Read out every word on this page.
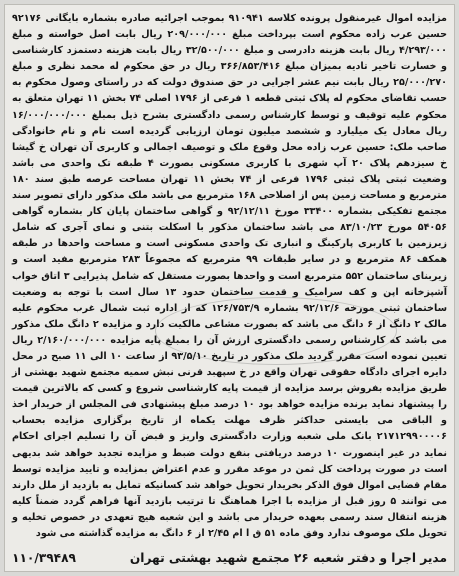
مزایده اموال غیرمنقول پرونده کلاسه ۹۱۰۹۴۱ بموجب اجرائیه صادره بشماره بایگانی ۹۲۱۷۶ حسین عرب زاده محکوم است بپرداخت مبلغ ۲۰۹/۰۰۰/۰۰۰ ریال بابت اصل خواسته و مبلغ ۴/۲۹۳/۰۰۰ ریال بابت هزینه دادرسی و مبلغ ۳۲/۵۰۰/۰۰۰ ریال بابت هزینه دستمزد کارشناسی و خسارت تاخیر تادیه بمیزان مبلغ ۳۶۶/۸۵۳/۴۱۶ ریال در حق محکوم له محمد نظری و مبلغ ۲۵/۰۰۰/۲۷۰ ریال بابت نیم عشر اجرایی در حق صندوق دولت که در راستای وصول محکوم به حسب تقاضای محکوم له پلاک ثبتی قطعه ۱ فرعی از ۱۷۹۶ اصلی ۷۴ بخش ۱۱ تهران متعلق به محکوم علیه توقیف و توسط کارشناس رسمی دادگستری بشرح ذیل بمبلغ ۱۶/۰۰۰/۰۰۰/۰۰۰ ریال معادل یک میلیارد و ششصد میلیون تومان ارزیابی گردیده است نام و نام خانوادگی صاحب ملک: حسین عرب زاده محل وقوع ملک و توصیف اجمالی و کاربری آن تهران خ گیشا خ سیزدهم پلاک ۲۰ آپ شهری با کاربری مسکونی بصورت ۴ طبقه تک واحدی می باشد وضعیت ثبتی پلاک ثبتی ۱۷۹۶ فرعی از ۷۴ بخش ۱۱ تهران مساحت عرصه طبق سند ۱۸۰ مترمربع و مساحت زمین پس از اصلاحی ۱۶۸ مترمربع می باشد ملک مذکور دارای تصویر سند مجتمع تفکیکی بشماره ۳۳۴۰۰ مورخ ۹۲/۱۲/۱۱ و گواهی ساختمان پایان کار بشماره گواهی ۵۴۰۵۶ مورخ ۸۳/۱۰/۲۳ می باشد ساختمان مذکور با اسکلت بتنی و نمای آجری که شامل زیرزمین با کاربری پارکینگ و انباری تک واحدی مسکونی است و مساحت واحدها در طبقه همکف ۸۶ مترمربع و در سایر طبقات ۹۹ مترمربع که مجموعاً ۲۸۳ مترمربع مفید است و زیربنای ساختمان ۵۵۲ مترمربع است و واحدها بصورت مستقل که شامل پذیرایی ۳ اتاق خواب آشپزخانه اپن و کف سرامیک و قدمت ساختمان حدود ۱۳ سال است با توجه به وضعیت ساختمان ثبتی مورخه ۹۲/۱۲/۶ بشماره ۱۲۶/۷۵۳/۹ که از اداره ثبت شمال غرب محکوم علیه مالک ۲ دانگ از ۶ دانگ می باشد که بصورت مشاعی مالکیت دارد و مزایده ۲ دانگ ملک مذکور می باشد که کارشناس رسمی دادگستری ارزش آن را بمبلغ پایه مزایده ۲/۱۶۰/۰۰۰/۰۰۰ ریال تعیین نموده است مقرر گردید ملک مذکور در تاریخ ۹۳/۵/۱۰ از ساعت ۱۰ الی ۱۱ صبح در محل دایره اجرای دادگاه حقوقی تهران واقع در خ سپهبد قرنی نبش سمیه مجتمع شهید بهشتی از طریق مزایده بفروش برسد مزایده از قیمت پایه کارشناسی شروع و کسی که بالاترین قیمت را پیشنهاد نماید برنده مزایده خواهد بود ۱۰ درصد مبلغ پیشنهادی فی المجلس از خریدار اخذ و الباقی می بایستی حداکثر ظرف مهلت یکماه از تاریخ برگزاری مزایده بحساب ۲۱۷۱۲۹۹۰۰۰۰۶ بانک ملی شعبه وزارت دادگستری واریز و قبض آن را تسلیم اجرای احکام نماید در غیر اینصورت ۱۰ درصد دریافتی بنفع دولت ضبط و مزایده تجدید خواهد شد بدیهی است در صورت پرداخت کل ثمن در موعد مقرر و عدم اعتراض بمزایده و تایید مزایده توسط مقام قضایی اموال فوق الذکر بخریدار تحویل خواهد شد کسانیکه تمایل به بازدید از ملل دارند می توانند ۵ روز قبل از مزایده با اجرا هماهنگ تا ترتیب بازدید آنها فراهم گردد ضمناً کلیه هزینه انتقال سند رسمی بعهده خریدار می باشد و این شعبه هیچ تعهدی در خصوص تخلیه و تحویل ملک موصوف ندارد وفق ماده ۵۱ ق ا ام ۲/۴۵ از ۶ دانگ به مزایده گذاشته می شود

مدیر اجرا و دفتر شعبه ۲۶ مجتمع شهید بهشتی تهران
۱۱۰/۳۹۴۸۹
